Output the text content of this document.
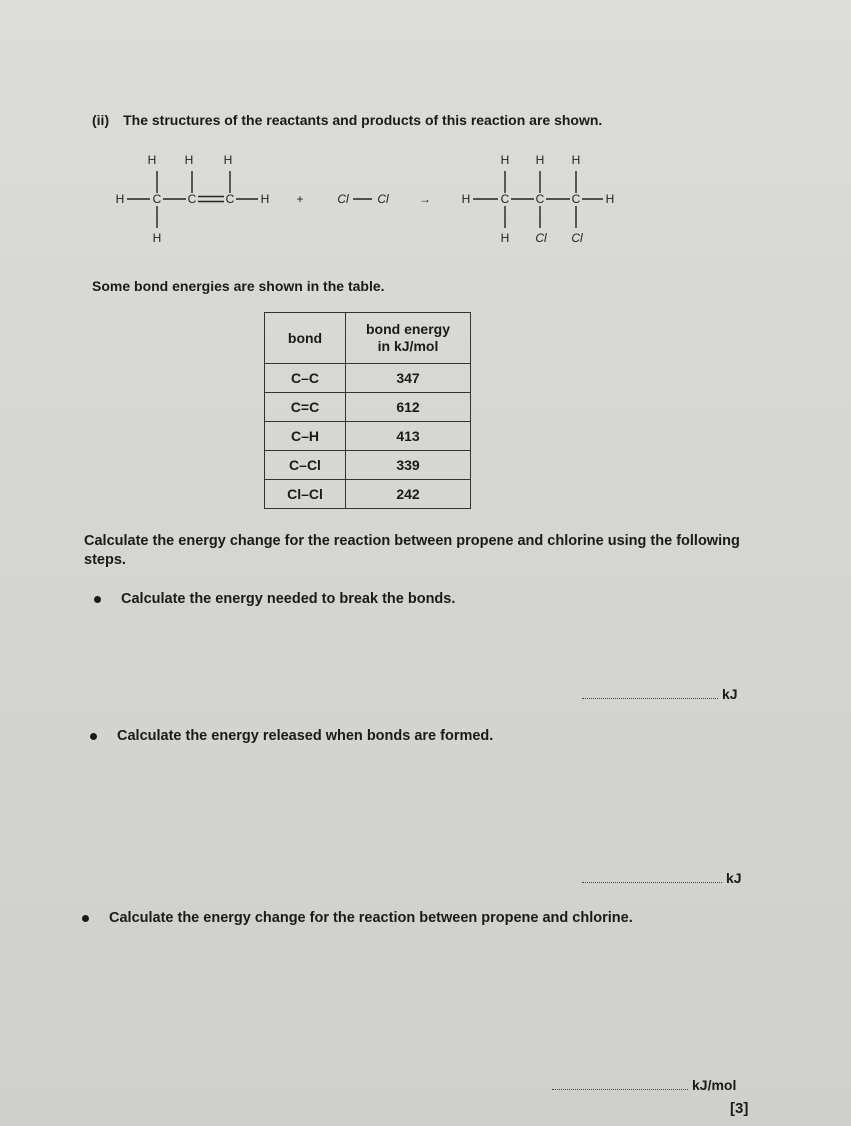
(ii) The structures of the reactants and products of this reaction are shown.
H H	H
H C C C H
H
+	Cl Cl	→
H H H
H	C C C H
H Cl Cl
Some bond energies are shown in the table.
bond	bond energy
in kJ/mol

C–C	347
C=C	612
C–H	413
C–Cl	339
Cl–Cl	242
Calculate the energy change for the reaction between propene and chlorine using the following steps.
Calculate the energy needed to break the bonds.
kJ
Calculate the energy released when bonds are formed.
kJ
Calculate the energy change for the reaction between propene and chlorine.
kJ/mol
[3]
